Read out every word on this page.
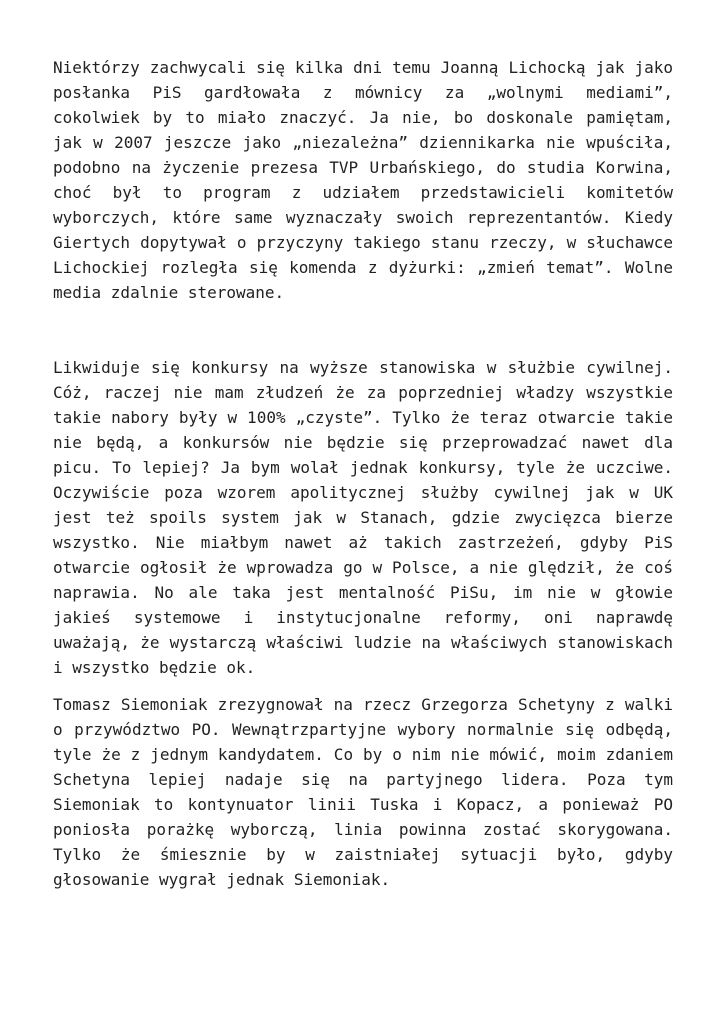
Niektórzy zachwycali się kilka dni temu Joanną Lichocką jak jako posłanka PiS gardłowała z mównicy za „wolnymi mediami”, cokolwiek by to miało znaczyć. Ja nie, bo doskonale pamiętam, jak w 2007 jeszcze jako „niezależna” dziennikarka nie wpuściła, podobno na życzenie prezesa TVP Urbańskiego, do studia Korwina, choć był to program z udziałem przedstawicieli komitetów wyborczych, które same wyznaczały swoich reprezentantów. Kiedy Giertych dopytywał o przyczyny takiego stanu rzeczy, w słuchawce Lichockiej rozległa się komenda z dyżurki: „zmień temat”. Wolne media zdalnie sterowane.

Likwiduje się konkursy na wyższe stanowiska w służbie cywilnej. Cóż, raczej nie mam złudzeń że za poprzedniej władzy wszystkie takie nabory były w 100% „czyste”. Tylko że teraz otwarcie takie nie będą, a konkursów nie będzie się przeprowadzać nawet dla picu. To lepiej? Ja bym wolał jednak konkursy, tyle że uczciwe. Oczywiście poza wzorem apolitycznej służby cywilnej jak w UK jest też spoils system jak w Stanach, gdzie zwycięzca bierze wszystko. Nie miałbym nawet aż takich zastrzeżeń, gdyby PiS otwarcie ogłosił że wprowadza go w Polsce, a nie ględził, że coś naprawia. No ale taka jest mentalność PiSu, im nie w głowie jakieś systemowe i instytucjonalne reformy, oni naprawdę uważają, że wystarczą właściwi ludzie na właściwych stanowiskach i wszystko będzie ok.

Tomasz Siemoniak zrezygnował na rzecz Grzegorza Schetyny z walki o przywództwo PO. Wewnątrzpartyjne wybory normalnie się odbędą, tyle że z jednym kandydatem. Co by o nim nie mówić, moim zdaniem Schetyna lepiej nadaje się na partyjnego lidera. Poza tym Siemoniak to kontynuator linii Tuska i Kopacz, a ponieważ PO poniosła porażkę wyborczą, linia powinna zostać skorygowana. Tylko że śmiesznie by w zaistniałej sytuacji było, gdyby głosowanie wygrał jednak Siemoniak.
